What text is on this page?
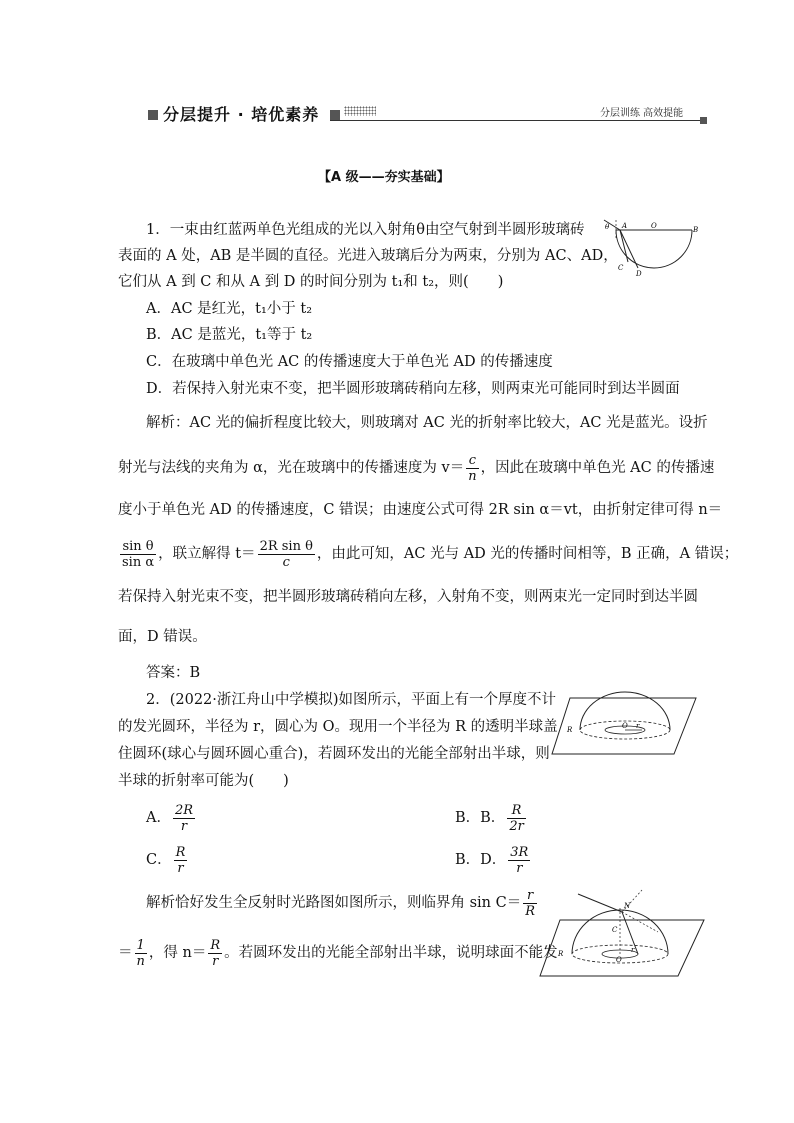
分层提升 · 培优素养	分层训练 高效提能
【A 级——夯实基础】
1．一束由红蓝两单色光组成的光以入射角θ由空气射到半圆形玻璃砖
表面的 A 处，AB 是半圆的直径。光进入玻璃后分为两束，分别为 AC、AD，
它们从 A 到 C 和从 A 到 D 的时间分别为 t₁和 t₂，则(　　)
A．AC 是红光，t₁小于 t₂
B．AC 是蓝光，t₁等于 t₂
C．在玻璃中单色光 AC 的传播速度大于单色光 AD 的传播速度
D．若保持入射光束不变，把半圆形玻璃砖稍向左移，则两束光可能同时到达半圆面
θ A	O	B
C
D
解析：AC 光的偏折程度比较大，则玻璃对 AC 光的折射率比较大，AC 光是蓝光。设折
射光与法线的夹角为 α，光在玻璃中的传播速度为 $v= \frac{c}{n}$ ，因此在玻璃中单色光 AC 的传播速
度小于单色光 AD 的传播速度，C 错误；由速度公式可得 2R sin α＝vt，由折射定律可得 n＝
$\frac{\text{sin θ}}{\text{sin α}}$ ，联立解得 $t= \frac{\text{2R sin θ}}{c}$ ，由此可知，AC 光与 AD 光的传播时间相等，B 正确，A 错误；
若保持入射光束不变，把半圆形玻璃砖稍向左移，入射角不变，则两束光一定同时到达半圆
面，D 错误。
答案：B
2．(2022·浙江舟山中学模拟)如图所示，平面上有一个厚度不计
的发光圆环，半径为 r，圆心为 O。现用一个半径为 R 的透明半球盖
住圆环(球心与圆环圆心重合)，若圆环发出的光能全部射出半球，则
半球的折射率可能为(　　)
A． $\frac{2R}{r}$	B．B． $\frac{R}{2r}$
C． $\frac{R}{r}$	B．D． $\frac{3R}{r}$
R	O r
解析恰好发生全反射时光路图如图所示，则临界角 $\sin C= \frac{r}{R}$
＝ $\frac{1}{n}$ ，得 $n= \frac{R}{r}$ 。若圆环发出的光能全部射出半球，说明球面不能发
N
C
R
O
r
